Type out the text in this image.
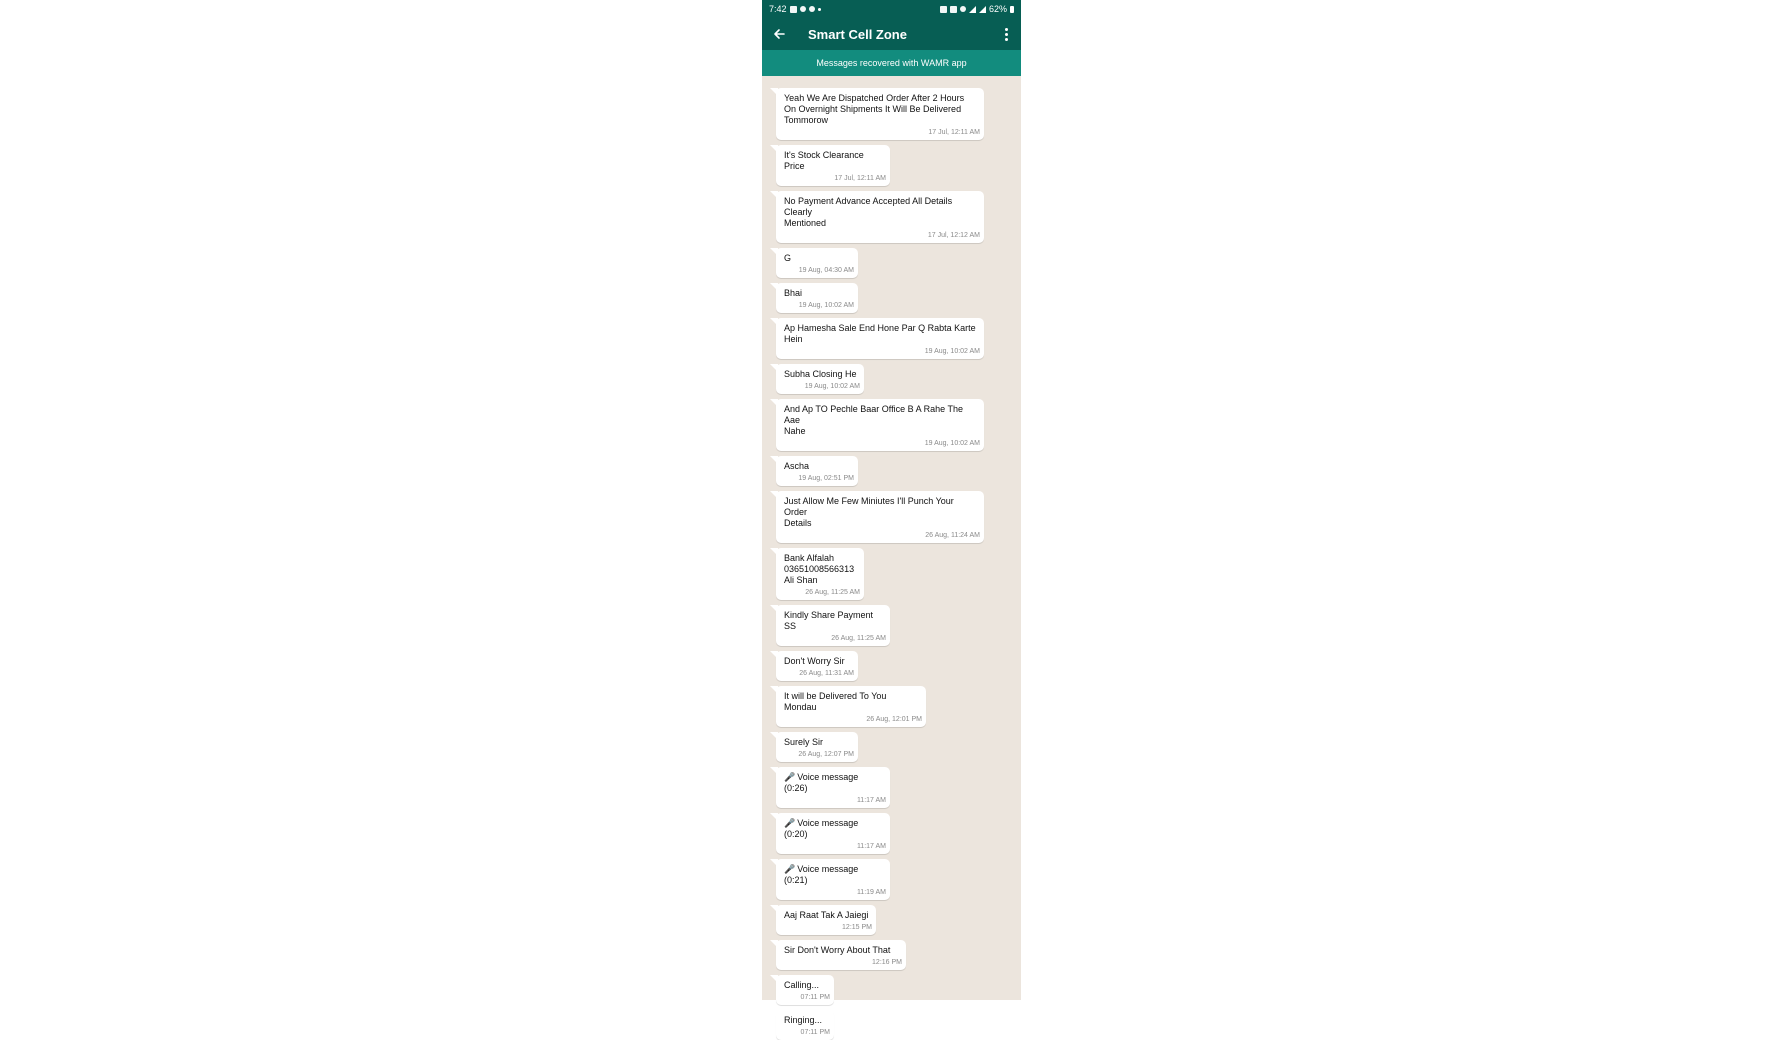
7:42	62%
Smart Cell Zone
Messages recovered with WAMR app
Yeah We Are Dispatched Order After 2 Hours
On Overnight Shipments It Will Be Delivered
Tommorow
17 Jul, 12:11 AM
It's Stock Clearance Price
17 Jul, 12:11 AM
No Payment Advance Accepted All Details Clearly
Mentioned
17 Jul, 12:12 AM
G
19 Aug, 04:30 AM
Bhai
19 Aug, 10:02 AM
Ap Hamesha Sale End Hone Par Q Rabta Karte
Hein
19 Aug, 10:02 AM
Subha Closing He
19 Aug, 10:02 AM
And Ap TO Pechle Baar Office B A Rahe The Aae
Nahe
19 Aug, 10:02 AM
Ascha
19 Aug, 02:51 PM
Just Allow Me Few Miniutes I'll Punch Your Order
Details
26 Aug, 11:24 AM
Bank Alfalah
03651008566313
Ali Shan
26 Aug, 11:25 AM
Kindly Share Payment SS
26 Aug, 11:25 AM
Don't Worry Sir
26 Aug, 11:31 AM
It will be Delivered To You Mondau
26 Aug, 12:01 PM
Surely Sir
26 Aug, 12:07 PM
🎤 Voice message (0:26)
11:17 AM
🎤 Voice message (0:20)
11:17 AM
🎤 Voice message (0:21)
11:19 AM
Aaj Raat Tak A Jaiegi
12:15 PM
Sir Don't Worry About That
12:16 PM
Calling...
07:11 PM
Ringing...
07:11 PM
